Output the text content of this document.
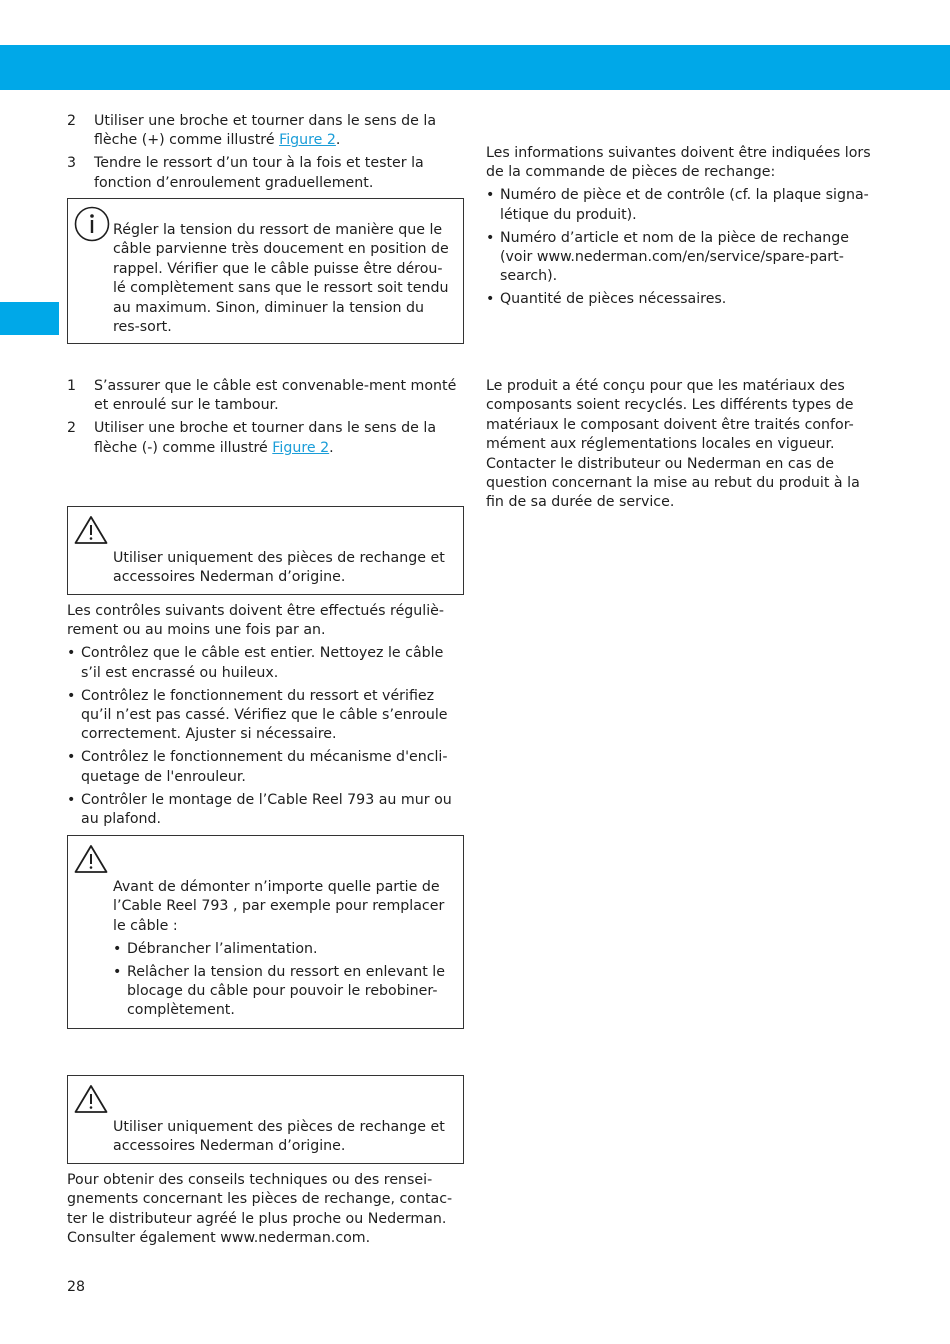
2 Utiliser une broche et tourner dans le sens de la flèche (+) comme illustré Figure 2.
3 Tendre le ressort d’un tour à la fois et tester la fonction d’enroulement graduellement.

Régler la tension du ressort de manière que le câble parvienne très doucement en position de rappel. Vérifier que le câble puisse être dérou-lé complètement sans que le ressort soit tendu au maximum. Sinon, diminuer la tension du res-sort.

1 S’assurer que le câble est convenable-ment monté et enroulé sur le tambour.
2 Utiliser une broche et tourner dans le sens de la flèche (-) comme illustré Figure 2.

Utiliser uniquement des pièces de rechange et accessoires Nederman d’origine.

Les contrôles suivants doivent être effectués réguliè-rement ou au moins une fois par an.

• Contrôlez que le câble est entier. Nettoyez le câble s’il est encrassé ou huileux.
• Contrôlez le fonctionnement du ressort et vérifiez qu’il n’est pas cassé. Vérifiez que le câble s’enroule correctement. Ajuster si nécessaire.
• Contrôlez le fonctionnement du mécanisme d'encli-quetage de l'enrouleur.
• Contrôler le montage de l’Cable Reel 793 au mur ou au plafond.

Avant de démonter n’importe quelle partie de l’Cable Reel 793 , par exemple pour remplacer le câble :

• Débrancher l’alimentation.
• Relâcher la tension du ressort en enlevant le blocage du câble pour pouvoir le rebobiner-complètement.

Utiliser uniquement des pièces de rechange et accessoires Nederman d’origine.

Pour obtenir des conseils techniques ou des rensei-gnements concernant les pièces de rechange, contac-ter le distributeur agréé le plus proche ou Nederman. Consulter également www.nederman.com.

Les informations suivantes doivent être indiquées lors de la commande de pièces de rechange:

• Numéro de pièce et de contrôle (cf. la plaque signa-létique du produit).
• Numéro d’article et nom de la pièce de rechange (voir www.nederman.com/en/service/spare-part-search).
• Quantité de pièces nécessaires.

Le produit a été conçu pour que les matériaux des composants soient recyclés. Les différents types de matériaux le composant doivent être traités confor-mément aux réglementations locales en vigueur. Contacter le distributeur ou Nederman en cas de question concernant la mise au rebut du produit à la fin de sa durée de service.

28
